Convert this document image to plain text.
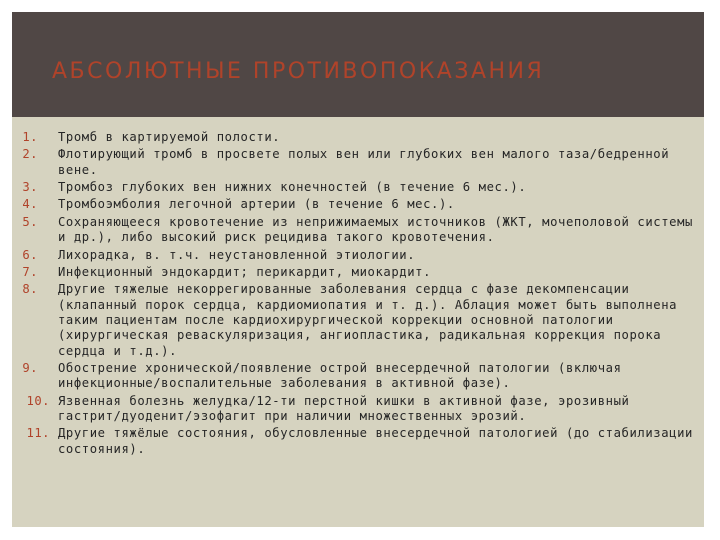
АБСОЛЮТНЫЕ ПРОТИВОПОКАЗАНИЯ
1. Тромб в картируемой полости.
2. Флотирующий тромб в просвете полых вен или глубоких вен малого таза/бедренной вене.
3. Тромбоз глубоких вен нижних конечностей (в течение 6 мес.).
4. Тромбоэмболия легочной артерии (в течение 6 мес.).
5. Сохраняющееся кровотечение из неприжимаемых источников (ЖКТ, мочеполовой системы и др.), либо высокий риск рецидива такого кровотечения.
6. Лихорадка, в. т.ч. неустановленной этиологии.
7. Инфекционный эндокардит; перикардит, миокардит.
8. Другие тяжелые некоррегированные заболевания сердца с фазе декомпенсации (клапанный порок сердца, кардиомиопатия и т. д.). Аблация может быть выполнена таким пациентам после кардиохирургической коррекции основной патологии (хирургическая реваскуляризация, ангиопластика, радикальная коррекция порока сердца и т.д.).
9. Обострение хронической/появление острой внесердечной патологии (включая инфекционные/воспалительные заболевания в активной фазе).
10. Язвенная болезнь желудка/12-ти перстной кишки в активной фазе, эрозивный гастрит/дуоденит/эзофагит при наличии множественных эрозий.
11. Другие тяжёлые состояния, обусловленные внесердечной патологией (до стабилизации состояния).
